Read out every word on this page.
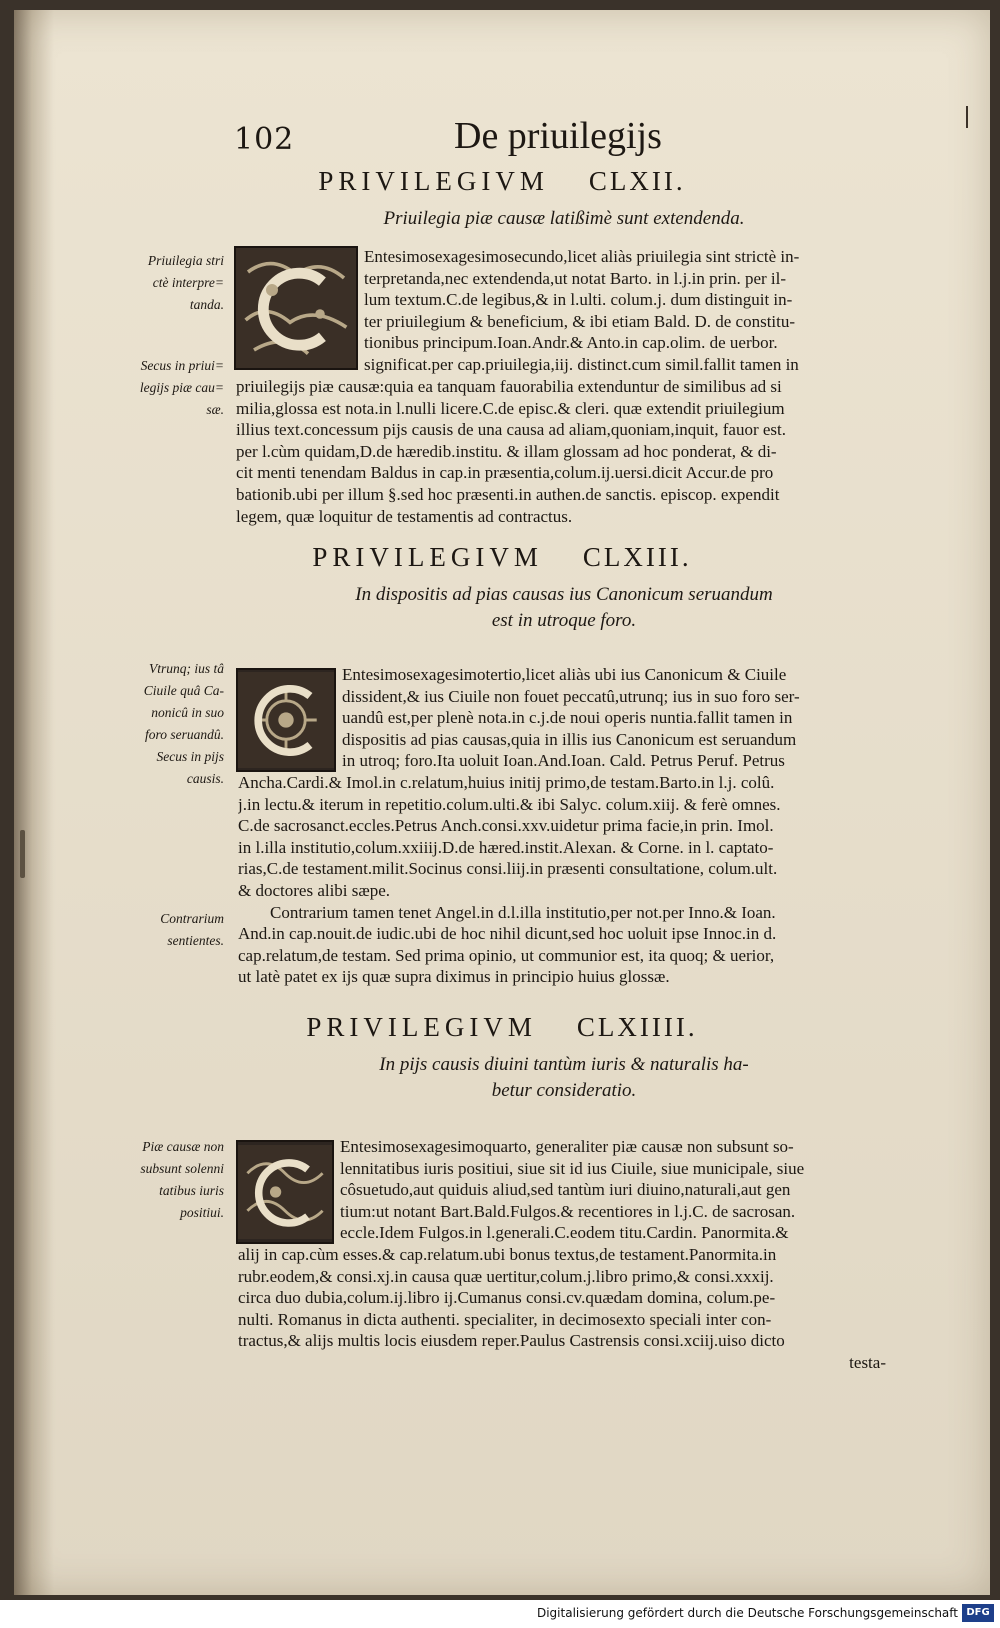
102	De priuilegijs
PRIVILEGIVM CLXII.
Priuilegia piæ causæ latißimè sunt extendenda.
Priuilegia stri
ctè interpre=
tanda.
Secus in priui=
legijs piæ cau=
sæ.
Entesimosexagesimosecundo,licet aliàs priuilegia sint strictè in-
terpretanda,nec extendenda,ut notat Barto. in l.j.in prin. per il-
lum textum.C.de legibus,& in l.ulti. colum.j. dum distinguit in-
ter priuilegium & beneficium, & ibi etiam Bald. D. de constitu-
tionibus principum.Ioan.Andr.& Anto.in cap.olim. de uerbor.
significat.per cap.priuilegia,iij. distinct.cum simil.fallit tamen in
priuilegijs piæ causæ:quia ea tanquam fauorabilia extenduntur de similibus ad si
milia,glossa est nota.in l.nulli licere.C.de episc.& cleri. quæ extendit priuilegium
illius text.concessum pijs causis de una causa ad aliam,quoniam,inquit, fauor est.
per l.cùm quidam,D.de hæredib.institu. & illam glossam ad hoc ponderat, & di-
cit menti tenendam Baldus in cap.in præsentia,colum.ij.uersi.dicit Accur.de pro
bationib.ubi per illum §.sed hoc præsenti.in authen.de sanctis. episcop. expendit
legem, quæ loquitur de testamentis ad contractus.
PRIVILEGIVM CLXIII.
In dispositis ad pias causas ius Canonicum seruandum
est in utroque foro.
Vtrunq; ius tâ
Ciuile quâ Ca-
nonicû in suo
foro seruandû.
Secus in pijs
causis.
Contrarium
sentientes.
Entesimosexagesimotertio,licet aliàs ubi ius Canonicum & Ciuile
dissident,& ius Ciuile non fouet peccatû,utrunq; ius in suo foro ser-
uandû est,per plenè nota.in c.j.de noui operis nuntia.fallit tamen in
dispositis ad pias causas,quia in illis ius Canonicum est seruandum
in utroq; foro.Ita uoluit Ioan.And.Ioan. Cald. Petrus Peruf. Petrus
Ancha.Cardi.& Imol.in c.relatum,huius initij primo,de testam.Barto.in l.j. colû.
j.in lectu.& iterum in repetitio.colum.ulti.& ibi Salyc. colum.xiij. & ferè omnes.
C.de sacrosanct.eccles.Petrus Anch.consi.xxv.uidetur prima facie,in prin. Imol.
in l.illa institutio,colum.xxiiij.D.de hæred.instit.Alexan. & Corne. in l. captato-
rias,C.de testament.milit.Socinus consi.liij.in præsenti consultatione, colum.ult.
& doctores alibi sæpe.
Contrarium tamen tenet Angel.in d.l.illa institutio,per not.per Inno.& Ioan.
And.in cap.nouit.de iudic.ubi de hoc nihil dicunt,sed hoc uoluit ipse Innoc.in d.
cap.relatum,de testam. Sed prima opinio, ut communior est, ita quoq; & uerior,
ut latè patet ex ijs quæ supra diximus in principio huius glossæ.
PRIVILEGIVM CLXIIII.
In pijs causis diuini tantùm iuris & naturalis ha-
betur consideratio.
Piæ causæ non
subsunt solenni
tatibus iuris
positiui.
Entesimosexagesimoquarto, generaliter piæ causæ non subsunt so-
lennitatibus iuris positiui, siue sit id ius Ciuile, siue municipale, siue
côsuetudo,aut quiduis aliud,sed tantùm iuri diuino,naturali,aut gen
tium:ut notant Bart.Bald.Fulgos.& recentiores in l.j.C. de sacrosan.
eccle.Idem Fulgos.in l.generali.C.eodem titu.Cardin. Panormita.&
alij in cap.cùm esses.& cap.relatum.ubi bonus textus,de testament.Panormita.in
rubr.eodem,& consi.xj.in causa quæ uertitur,colum.j.libro primo,& consi.xxxij.
circa duo dubia,colum.ij.libro ij.Cumanus consi.cv.quædam domina, colum.pe-
nulti. Romanus in dicta authenti. specialiter, in decimosexto speciali inter con-
tractus,& alijs multis locis eiusdem reper.Paulus Castrensis consi.xciij.uiso dicto
testa-
Digitalisierung gefördert durch die Deutsche Forschungsgemeinschaft DFG
